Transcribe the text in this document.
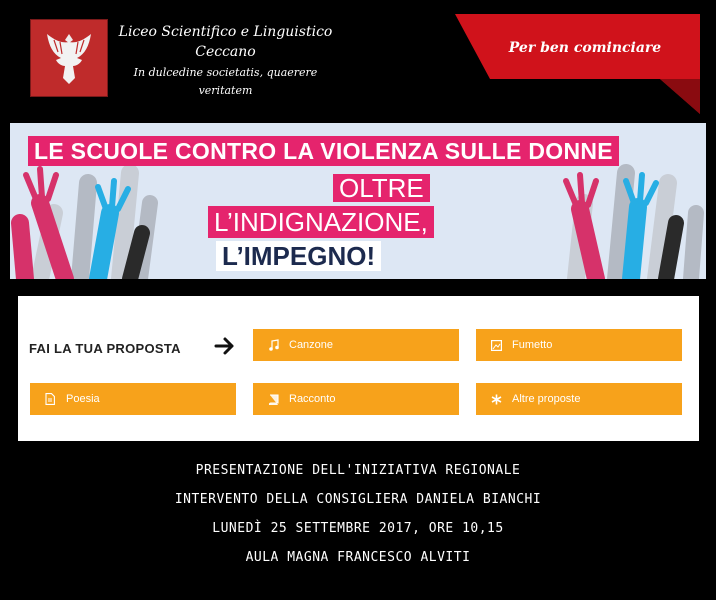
Liceo Scientifico e Linguistico
Ceccano
In dulcedine societatis, quaerere veritatem
Per ben cominciare
LE SCUOLE CONTRO LA VIOLENZA SULLE DONNE
OLTRE
L’INDIGNAZIONE,
L’IMPEGNO!
FAI LA TUA PROPOSTA	Canzone	Fumetto
Poesia	Racconto	Altre proposte
PRESENTAZIONE DELL'INIZIATIVA REGIONALE
INTERVENTO DELLA CONSIGLIERA DANIELA BIANCHI
LUNEDÌ 25 SETTEMBRE 2017, ORE 10,15
AULA MAGNA FRANCESCO ALVITI
